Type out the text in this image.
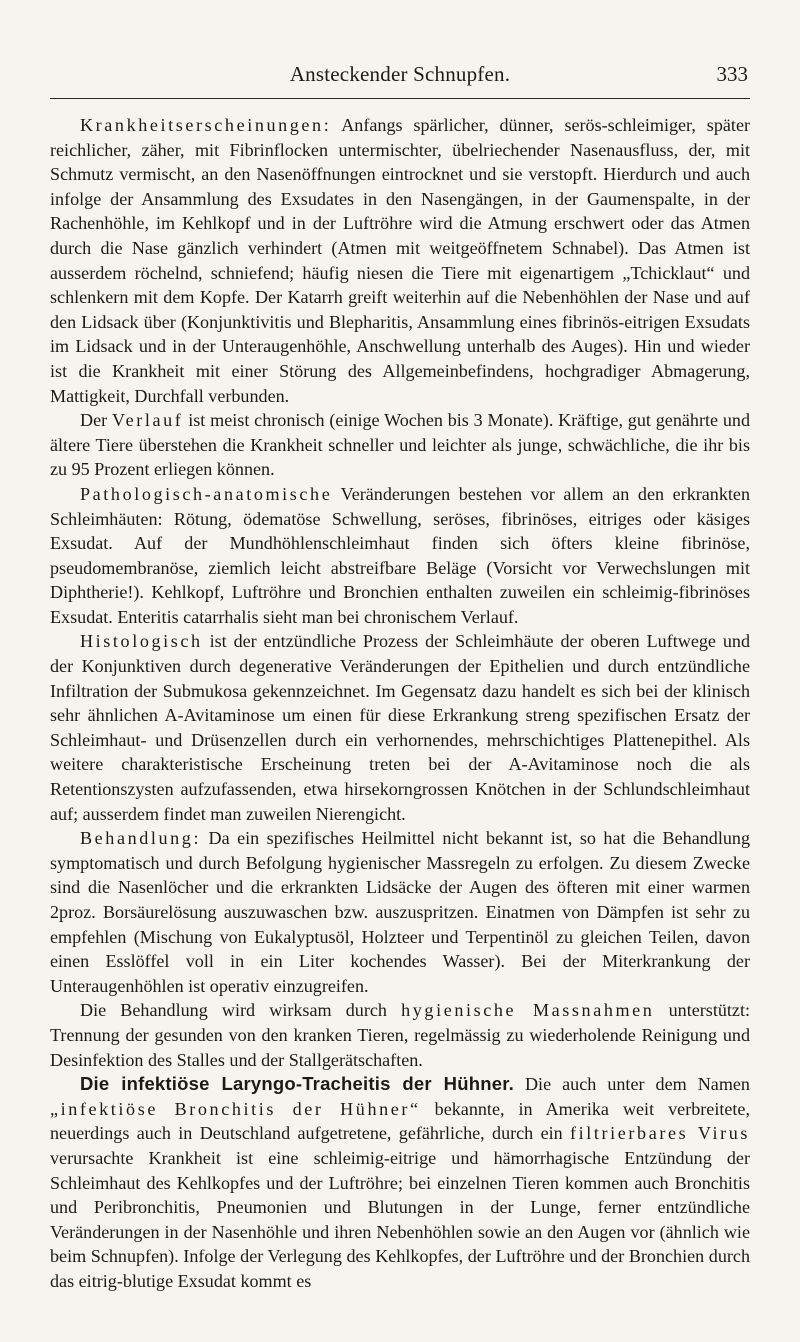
Ansteckender Schnupfen.	333

Krankheitserscheinungen: Anfangs spärlicher, dünner, serös-schleimiger, später reichlicher, zäher, mit Fibrinflocken untermischter, übelriechender Nasenausfluss, der, mit Schmutz vermischt, an den Nasenöffnungen eintrocknet und sie verstopft. Hierdurch und auch infolge der Ansammlung des Exsudates in den Nasengängen, in der Gaumenspalte, in der Rachenhöhle, im Kehlkopf und in der Luftröhre wird die Atmung erschwert oder das Atmen durch die Nase gänzlich verhindert (Atmen mit weitgeöffnetem Schnabel). Das Atmen ist ausserdem röchelnd, schniefend; häufig niesen die Tiere mit eigenartigem „Tchicklaut“ und schlenkern mit dem Kopfe. Der Katarrh greift weiterhin auf die Nebenhöhlen der Nase und auf den Lidsack über (Konjunktivitis und Blepharitis, Ansammlung eines fibrinös-eitrigen Exsudats im Lidsack und in der Unteraugenhöhle, Anschwellung unterhalb des Auges). Hin und wieder ist die Krankheit mit einer Störung des Allgemeinbefindens, hochgradiger Abmagerung, Mattigkeit, Durchfall verbunden.

Der Verlauf ist meist chronisch (einige Wochen bis 3 Monate). Kräftige, gut genährte und ältere Tiere überstehen die Krankheit schneller und leichter als junge, schwächliche, die ihr bis zu 95 Prozent erliegen können.

Pathologisch-anatomische Veränderungen bestehen vor allem an den erkrankten Schleimhäuten: Rötung, ödematöse Schwellung, seröses, fibrinöses, eitriges oder käsiges Exsudat. Auf der Mundhöhlenschleimhaut finden sich öfters kleine fibrinöse, pseudomembranöse, ziemlich leicht abstreifbare Beläge (Vorsicht vor Verwechslungen mit Diphtherie!). Kehlkopf, Luftröhre und Bronchien enthalten zuweilen ein schleimig-fibrinöses Exsudat. Enteritis catarrhalis sieht man bei chronischem Verlauf.

Histologisch ist der entzündliche Prozess der Schleimhäute der oberen Luftwege und der Konjunktiven durch degenerative Veränderungen der Epithelien und durch entzündliche Infiltration der Submukosa gekennzeichnet. Im Gegensatz dazu handelt es sich bei der klinisch sehr ähnlichen A-Avitaminose um einen für diese Erkrankung streng spezifischen Ersatz der Schleimhaut- und Drüsenzellen durch ein verhornendes, mehrschichtiges Plattenepithel. Als weitere charakteristische Erscheinung treten bei der A-Avitaminose noch die als Retentionszysten aufzufassenden, etwa hirsekorngrossen Knötchen in der Schlundschleimhaut auf; ausserdem findet man zuweilen Nierengicht.

Behandlung: Da ein spezifisches Heilmittel nicht bekannt ist, so hat die Behandlung symptomatisch und durch Befolgung hygienischer Massregeln zu erfolgen. Zu diesem Zwecke sind die Nasenlöcher und die erkrankten Lidsäcke der Augen des öfteren mit einer warmen 2proz. Borsäurelösung auszuwaschen bzw. auszuspritzen. Einatmen von Dämpfen ist sehr zu empfehlen (Mischung von Eukalyptusöl, Holzteer und Terpentinöl zu gleichen Teilen, davon einen Esslöffel voll in ein Liter kochendes Wasser). Bei der Miterkrankung der Unteraugenhöhlen ist operativ einzugreifen.

Die Behandlung wird wirksam durch hygienische Massnahmen unterstützt: Trennung der gesunden von den kranken Tieren, regelmässig zu wiederholende Reinigung und Desinfektion des Stalles und der Stallgerätschaften.

Die infektiöse Laryngo-Tracheitis der Hühner. Die auch unter dem Namen „infektiöse Bronchitis der Hühner“ bekannte, in Amerika weit verbreitete, neuerdings auch in Deutschland aufgetretene, gefährliche, durch ein filtrierbares Virus verursachte Krankheit ist eine schleimig-eitrige und hämorrhagische Entzündung der Schleimhaut des Kehlkopfes und der Luftröhre; bei einzelnen Tieren kommen auch Bronchitis und Peribronchitis, Pneumonien und Blutungen in der Lunge, ferner entzündliche Veränderungen in der Nasenhöhle und ihren Nebenhöhlen sowie an den Augen vor (ähnlich wie beim Schnupfen). Infolge der Verlegung des Kehlkopfes, der Luftröhre und der Bronchien durch das eitrig-blutige Exsudat kommt es
